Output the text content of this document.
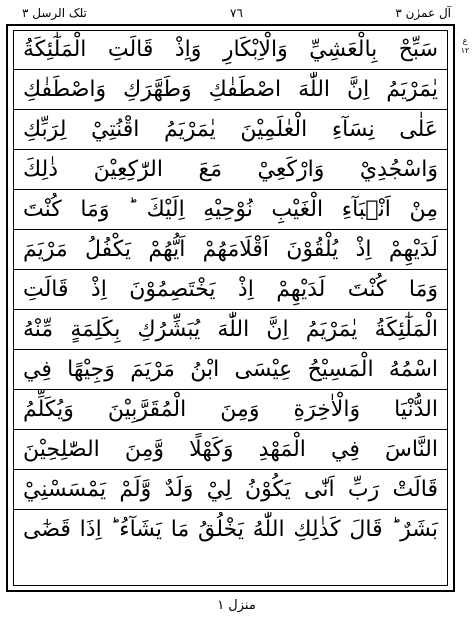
تلک الرسل ٣	٧٦	آل عمرٰن ٣
ع
۱۲
سَبِّحْ بِالْعَشِيِّ وَالْاِبْكَارِ وَاِذْ قَالَتِ الْمَلٰٓئِكَةُ
يٰمَرْيَمُ اِنَّ اللّٰهَ اصْطَفٰكِ وَطَهَّرَكِ وَاصْطَفٰكِ
عَلٰى نِسَآءِ الْعٰلَمِيْنَ يٰمَرْيَمُ اقْنُتِيْ لِرَبِّكِ
وَاسْجُدِيْ وَارْكَعِيْ مَعَ الرّٰكِعِيْنَ ذٰلِكَ
مِنْ اَنْۢبَآءِ الْغَيْبِ نُوْحِيْهِ اِلَيْكَ ؕ وَمَا كُنْتَ
لَدَيْهِمْ اِذْ يُلْقُوْنَ اَقْلَامَهُمْ اَيُّهُمْ يَكْفُلُ مَرْيَمَ
وَمَا كُنْتَ لَدَيْهِمْ اِذْ يَخْتَصِمُوْنَ اِذْ قَالَتِ
الْمَلٰٓئِكَةُ يٰمَرْيَمُ اِنَّ اللّٰهَ يُبَشِّرُكِ بِكَلِمَةٍ مِّنْهُ
اسْمُهُ الْمَسِيْحُ عِيْسَى ابْنُ مَرْيَمَ وَجِيْهًا فِي
الدُّنْيَا وَالْاٰخِرَةِ وَمِنَ الْمُقَرَّبِيْنَ وَيُكَلِّمُ
النَّاسَ فِي الْمَهْدِ وَكَهْلًا وَّمِنَ الصّٰلِحِيْنَ
قَالَتْ رَبِّ اَنّٰى يَكُوْنُ لِيْ وَلَدٌ وَّلَمْ يَمْسَسْنِيْ
بَشَرٌ ؕ قَالَ كَذٰلِكِ اللّٰهُ يَخْلُقُ مَا يَشَآءُ ؕ اِذَا قَضٰٓى
منزل ۱
